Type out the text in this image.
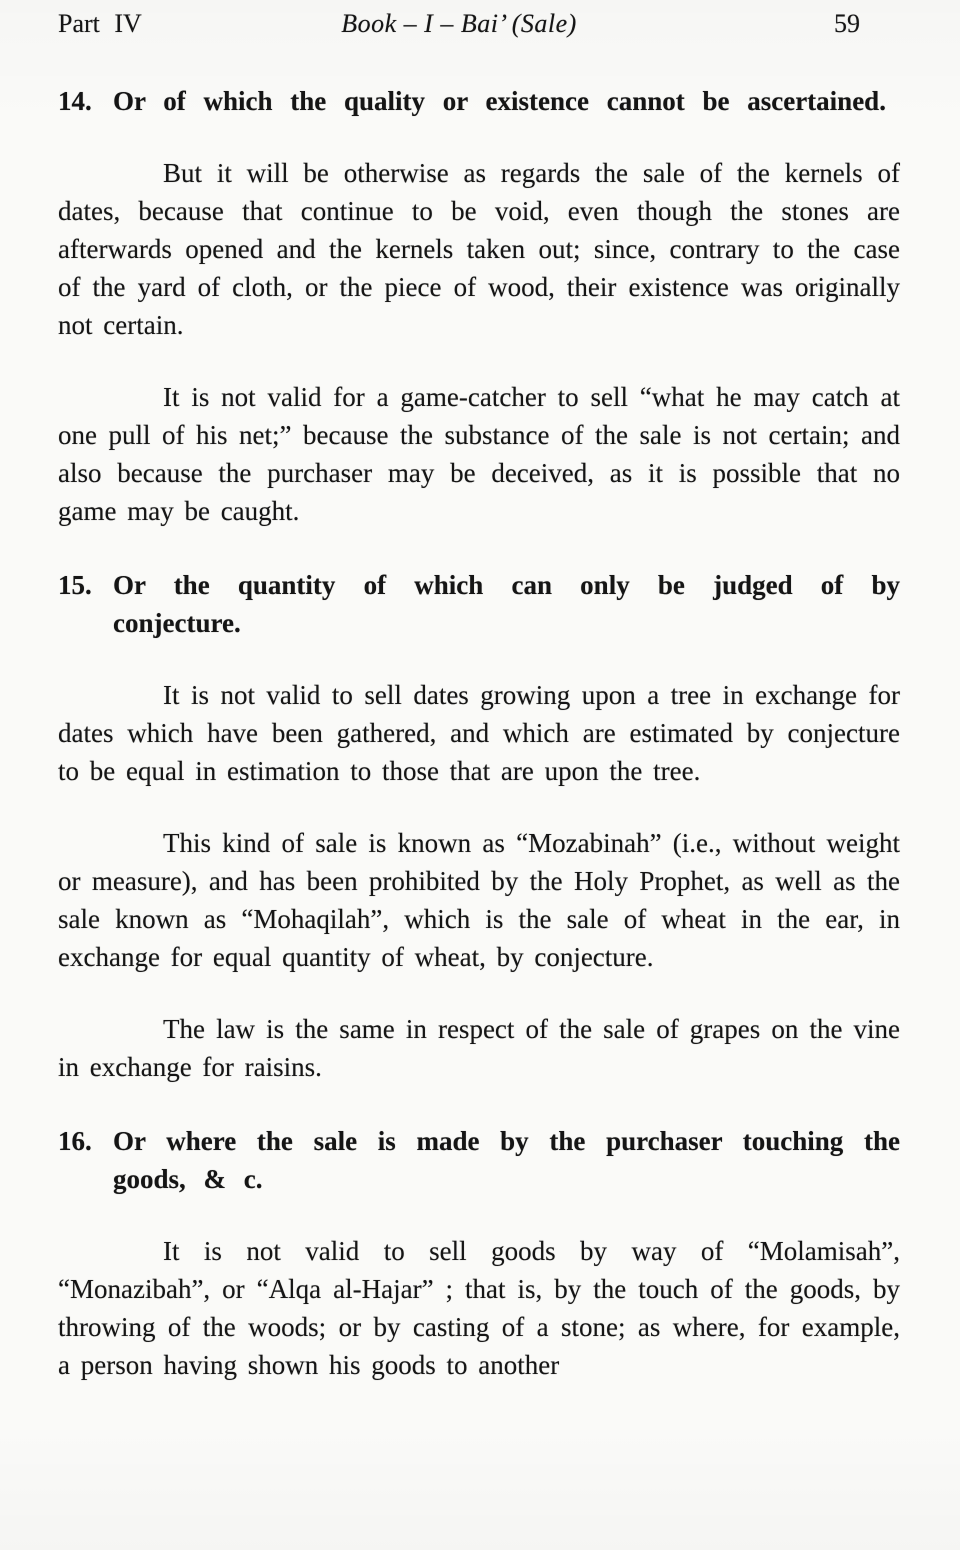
Part IV	Book – I – Bai’ (Sale)	59
14. Or of which the quality or existence cannot be ascertained.

But it will be otherwise as regards the sale of the kernels of dates, because that continue to be void, even though the stones are afterwards opened and the kernels taken out; since, contrary to the case of the yard of cloth, or the piece of wood, their existence was originally not certain.

It is not valid for a game-catcher to sell “what he may catch at one pull of his net;” because the substance of the sale is not certain; and also because the purchaser may be deceived, as it is possible that no game may be caught.

15. Or the quantity of which can only be judged of by conjecture.

It is not valid to sell dates growing upon a tree in exchange for dates which have been gathered, and which are estimated by conjecture to be equal in estimation to those that are upon the tree.

This kind of sale is known as “Mozabinah” (i.e., without weight or measure), and has been prohibited by the Holy Prophet, as well as the sale known as “Mohaqilah”, which is the sale of wheat in the ear, in exchange for equal quantity of wheat, by conjecture.

The law is the same in respect of the sale of grapes on the vine in exchange for raisins.

16. Or where the sale is made by the purchaser touching the goods, & c.

It is not valid to sell goods by way of “Molamisah”, “Monazibah”, or “Alqa al-Hajar” ; that is, by the touch of the goods, by throwing of the woods; or by casting of a stone; as where, for example, a person having shown his goods to another
